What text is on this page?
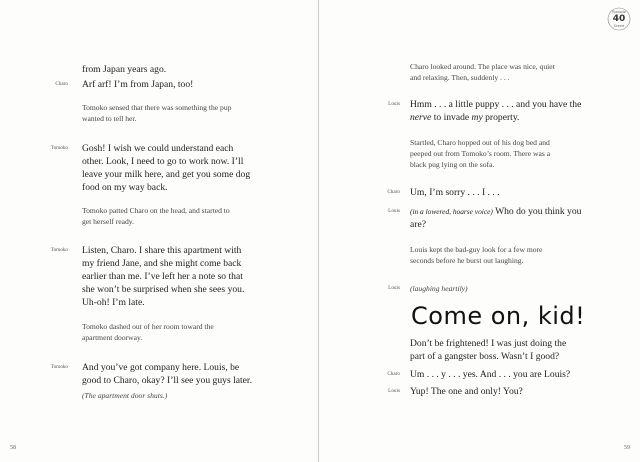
from Japan years ago.
Charo Arf arf! I’m from Japan, too!
Tomoko sensed that there was something the pup
wanted to tell her.
Tomoko Gosh! I wish we could understand each
other. Look, I need to go to work now. I’ll
leave your milk here, and get you some dog
food on my way back.
Tomoko patted Charo on the head, and started to
get herself ready.
Tomoko Listen, Charo. I share this apartment with
my friend Jane, and she might come back
earlier than me. I’ve left her a note so that
she won’t be surprised when she sees you.
Uh-oh! I’m late.
Tomoko dashed out of her room toward the
apartment doorway.
Tomoko And you’ve got company here. Louis, be
good to Charo, okay? I’ll see you guys later.
(The apartment door shuts.)
58
Episode
40
Scene
Charo looked around. The place was nice, quiet
and relaxing. Then, suddenly . . .
Louis Hmm . . . a little puppy . . . and you have the
nerve to invade my property.
Startled, Charo hopped out of his dog bed and
peeped out from Tomoko’s room. There was a
black pug lying on the sofa.
Charo Um, I’m sorry . . . I . . .
Louis (in a lowered, hoarse voice) Who do you think you
are?
Louis kept the bad-guy look for a few more
seconds before he burst out laughing.
Louis (laughing heartily)
Come on, kid!
Don’t be frightened! I was just doing the
part of a gangster boss. Wasn’t I good?
Charo Um . . . y . . . yes. And . . . you are Louis?
Louis Yup! The one and only! You?
59
